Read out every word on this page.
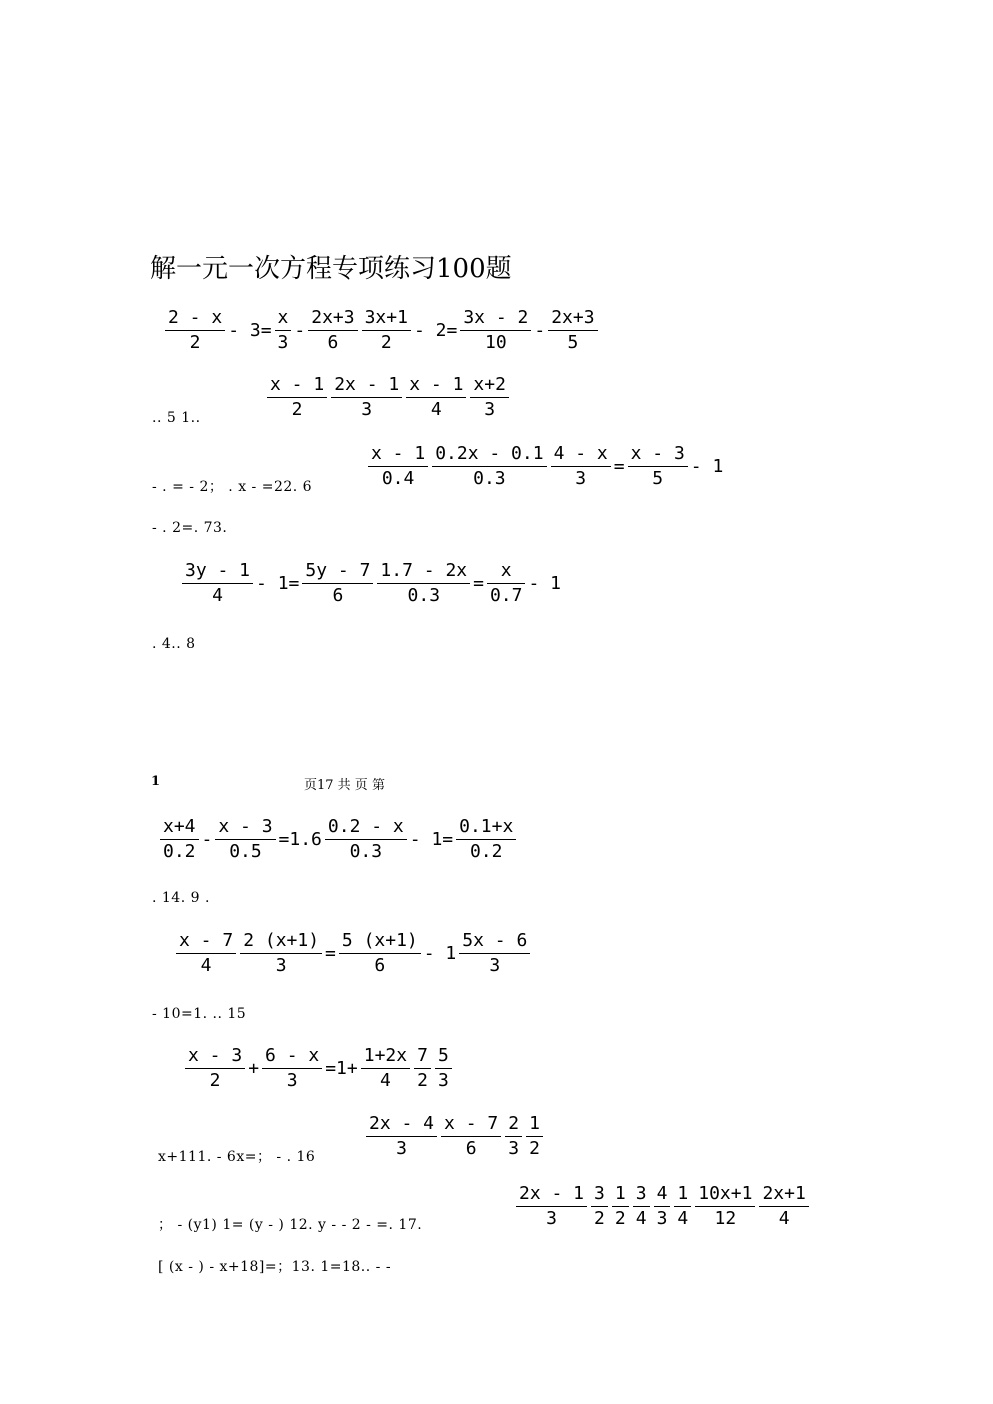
解一元一次方程专项练习100题
$\frac{2 - x}{2} - 3= \frac{x}{3} - \frac{2x+3}{6} \frac{3x+1}{2} - 2= \frac{3x - 2}{10} - \frac{2x+3}{5}$
$\frac{x - 1}{2} \frac{2x - 1}{3} \frac{x - 1}{4} \frac{x+2}{3}$
.. 5 1..
$\frac{x - 1}{0.4} \frac{0.2x - 0.1}{0.3} \frac{4 - x}{3} = \frac{x - 3}{5} - 1$
- . = - 2； . x - =22. 6
- . 2=. 73.
$\frac{3y - 1}{4} - 1= \frac{5y - 7}{6} \frac{1.7 - 2x}{0.3} = \frac{x}{0.7} - 1$
. 4.. 8
1	页17 共 页 第
$\frac{x+4}{0.2} - \frac{x - 3}{0.5} =1.6 \frac{0.2 - x}{0.3} - 1= \frac{0.1+x}{0.2}$
. 14. 9 .
$\frac{x - 7}{4} \frac{2 (x+1)}{3} = \frac{5 (x+1)}{6} - 1 \frac{5x - 6}{3}$
- 10=1. .. 15
$\frac{x - 3}{2} + \frac{6 - x}{3} =1+ \frac{1+2x}{4} \frac{7}{2} \frac{5}{3}$
$\frac{2x - 4}{3} \frac{x - 7}{6} \frac{2}{3} \frac{1}{2}$
x+111. - 6x=； - . 16
$\frac{2x - 1}{3} \frac{3}{2} \frac{1}{2} \frac{3}{4} \frac{4}{3} \frac{1}{4} \frac{10x+1}{12} \frac{2x+1}{4}$
； - (y1) 1= (y - ) 12. y - - 2 - =. 17.
[ (x - ) - x+18]=；13. 1=18.. - -
